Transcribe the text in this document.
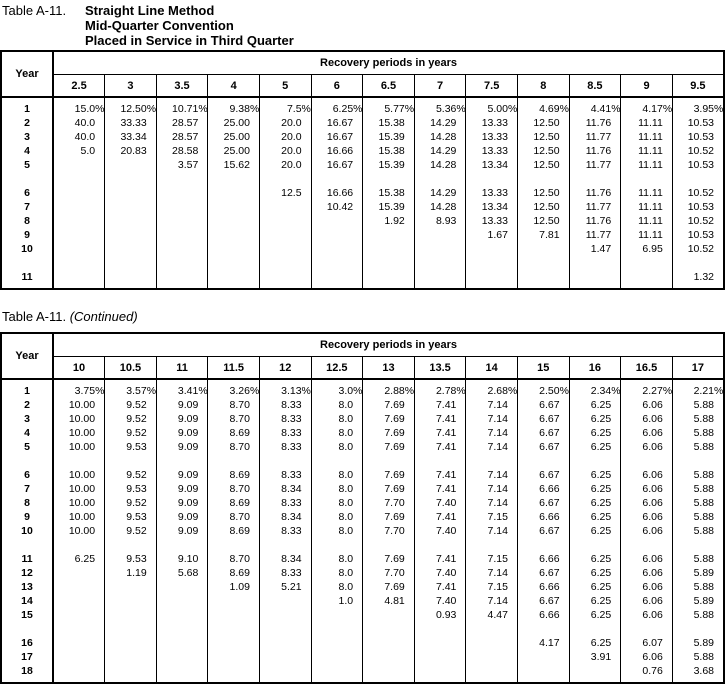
Table A-11.	Straight Line Method
Mid-Quarter Convention
Placed in Service in Third Quarter
Year	Recovery periods in years												
	2.5	3	3.5	4	5	6	6.5	7	7.5	8	8.5	9	9.5
1	15.0%	12.50%	10.71%	9.38%	7.5%	6.25%	5.77%	5.36%	5.00%	4.69%	4.41%	4.17%	3.95%
2	40.0	33.33	28.57	25.00	20.0	16.67	15.38	14.29	13.33	12.50	11.76	11.11	10.53
3	40.0	33.34	28.57	25.00	20.0	16.67	15.39	14.28	13.33	12.50	11.77	11.11	10.53
4	5.0	20.83	28.58	25.00	20.0	16.66	15.38	14.29	13.33	12.50	11.76	11.11	10.52
5			3.57	15.62	20.0	16.67	15.39	14.28	13.34	12.50	11.77	11.11	10.53

6					12.5	16.66	15.38	14.29	13.33	12.50	11.76	11.11	10.52
7						10.42	15.39	14.28	13.34	12.50	11.77	11.11	10.53
8							1.92	8.93	13.33	12.50	11.76	11.11	10.52
9									1.67	7.81	11.77	11.11	10.53
10											1.47	6.95	10.52

11													1.32
Table A-11. (Continued)
Year	Recovery periods in years												
	10	10.5	11	11.5	12	12.5	13	13.5	14	15	16	16.5	17
1	3.75%	3.57%	3.41%	3.26%	3.13%	3.0%	2.88%	2.78%	2.68%	2.50%	2.34%	2.27%	2.21%
2	10.00	9.52	9.09	8.70	8.33	8.0	7.69	7.41	7.14	6.67	6.25	6.06	5.88
3	10.00	9.52	9.09	8.70	8.33	8.0	7.69	7.41	7.14	6.67	6.25	6.06	5.88
4	10.00	9.52	9.09	8.69	8.33	8.0	7.69	7.41	7.14	6.67	6.25	6.06	5.88
5	10.00	9.53	9.09	8.70	8.33	8.0	7.69	7.41	7.14	6.67	6.25	6.06	5.88

6	10.00	9.52	9.09	8.69	8.33	8.0	7.69	7.41	7.14	6.67	6.25	6.06	5.88
7	10.00	9.53	9.09	8.70	8.34	8.0	7.69	7.41	7.14	6.66	6.25	6.06	5.88
8	10.00	9.52	9.09	8.69	8.33	8.0	7.70	7.40	7.14	6.67	6.25	6.06	5.88
9	10.00	9.53	9.09	8.70	8.34	8.0	7.69	7.41	7.15	6.66	6.25	6.06	5.88
10	10.00	9.52	9.09	8.69	8.33	8.0	7.70	7.40	7.14	6.67	6.25	6.06	5.88

11	6.25	9.53	9.10	8.70	8.34	8.0	7.69	7.41	7.15	6.66	6.25	6.06	5.88
12		1.19	5.68	8.69	8.33	8.0	7.70	7.40	7.14	6.67	6.25	6.06	5.89
13				1.09	5.21	8.0	7.69	7.41	7.15	6.66	6.25	6.06	5.88
14						1.0	4.81	7.40	7.14	6.67	6.25	6.06	5.89
15								0.93	4.47	6.66	6.25	6.06	5.88

16										4.17	6.25	6.07	5.89
17											3.91	6.06	5.88
18												0.76	3.68
